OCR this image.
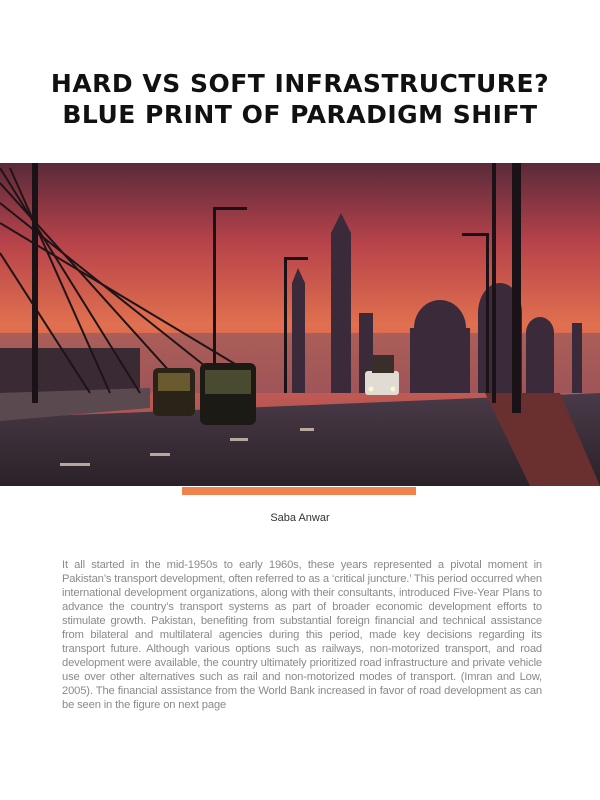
HARD VS SOFT INFRASTRUCTURE?
BLUE PRINT OF PARADIGM SHIFT
Saba Anwar

It all started in the mid-1950s to early 1960s, these years represented a pivotal moment in Pakistan’s transport development, often referred to as a ‘critical juncture.’ This period occurred when international development organizations, along with their consultants, introduced Five-Year Plans to advance the country’s transport systems as part of broader economic development efforts to stimulate growth. Pakistan, benefiting from substantial foreign financial and technical assistance from bilateral and multilateral agencies during this period, made key decisions regarding its transport future. Although various options such as railways, non-motorized transport, and road development were available, the country ultimately prioritized road infrastructure and private vehicle use over other alternatives such as rail and non-motorized modes of transport. (Imran and Low, 2005). The financial assistance from the World Bank increased in favor of road development as can be seen in the figure on next page
